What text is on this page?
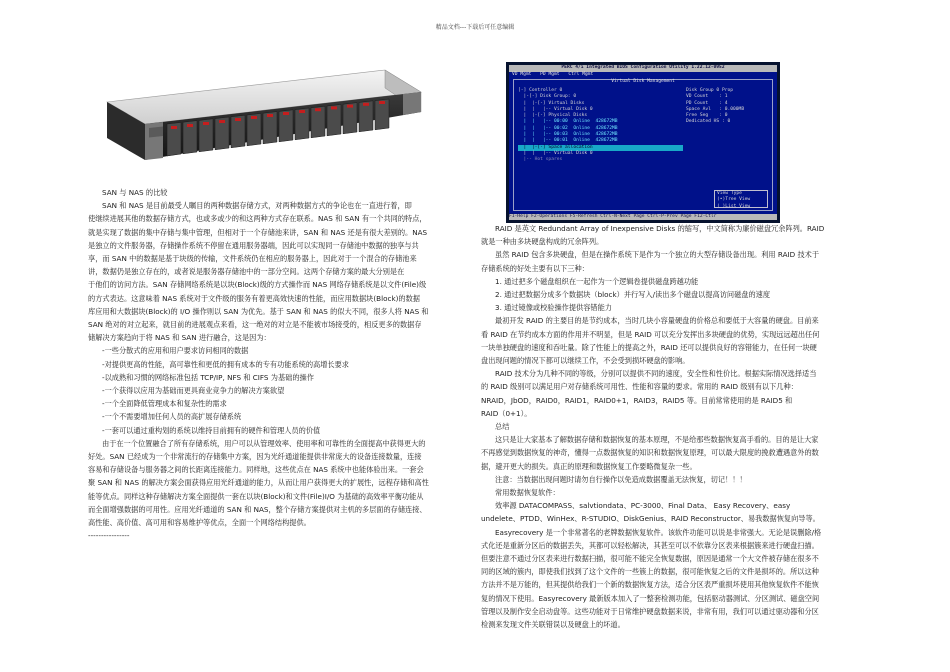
精品文档---下载后可任意编辑
PERC 4/i Integrated BIOS Configuration Utility 1.22.12-0952
VD Mgmt PD Mgmt Ctrl Mgmt
Virtual Disk Management
[-] Controller 0
|-[-] Disk Group: 0
|  |-[-] Virtual Disks
|  |   |-- Virtual Disk 0
|  |-[-] Physical Disks
|  |   |-- 00:00  Online  428672MB
|  |   |-- 00:02  Online  428672MB
|  |   |-- 00:03  Online  428672MB
|  |   |-- 00:01  Online  428672MB
|  |-[-] Space allocation
|  |   |-- Virtual Disk 0
|-- Hot spares
Disk Group 0 Prop
VD Count    : 1
PD Count    : 4
Space Avl   : 0.000MB
Free Seg    : 0
Dedicated HS : 0
View Type
(•)Tree View
( )List View
F1-Help F2-Operations F5-Refresh Ctrl-N-Next Page Ctrl-P-Prev Page F12-Ctlr

SAN 与 NAS 的比较

SAN 和 NAS 是目前最受人瞩目的两种数据存储方式，对两种数据方式的争论也在一直进行着，即

使继续进展其他的数据存储方式，也或多或少的和这两种方式存在联系。NAS 和 SAN 有一个共同的特点，

就是实现了数据的集中存储与集中管理，但相对于一个存储池来讲，SAN 和 NAS 还是有很大差别的。NAS

是独立的文件服务器，存储操作系统不停留在通用服务器端，因此可以实现同一存储池中数据的独享与共

享，而 SAN 中的数据是基于块级的传输，文件系统仍在相应的服务器上，因此对于一个混合的存储池来

讲，数据仍是独立存在的，或者说是服务器存储池中的一部分空间。这两个存储方案的最大分别是在

于他们的访问方法。SAN 存储网络系统是以块(Block)级的方式操作而 NAS 网络存储系统是以文件(File)级

的方式表达。这意味着 NAS 系统对于文件级的服务有着更高效快速的性能，而应用数据块(Block)的数据

库应用和大数据块(Block)的 I/O 操作则以 SAN 为优先。基于 SAN 和 NAS 的似大不同，很多人将 NAS 和

SAN 绝对的对立起来，就目前的进展观点来看，这一绝对的对立是不能被市场接受的，相反更多的数据存

储解决方案趋向于将 NAS 和 SAN 进行融合，这是因为：

-一些分散式的应用和用户要求访问相同的数据

-对提供更高的性能，高可靠性和更低的拥有成本的专有功能系统的高增长要求

-以成熟和习惯的网络标准包括 TCP/IP, NFS 和 CIFS 为基础的操作

-一个获得以应用为基础而更具商业竞争力的解决方案欲望

-一个全面降低管理成本和复杂性的需求

-一个不需要增加任何人员的高扩展存储系统

-一套可以通过重构划的系统以维持目前拥有的硬件和管理人员的价值

由于在一个位置融合了所有存储系统，用户可以从管理效率、使用率和可靠性的全面提高中获得更大的

好处。SAN 已经成为一个非常流行的存储集中方案，因为光纤通道能提供非常庞大的设备连接数量，连接

容易和存储设备与服务器之间的长距离连接能力。同样地，这些优点在 NAS 系统中也能体验出来。一套会

聚 SAN 和 NAS 的解决方案会面获得应用光纤通道的能力，从而让用户获得更大的扩展性，远程存储和高性

能等优点。同样这种存储解决方案全面提供一套在以块(Block)和文件(File)I/O 为基础的高效率平衡功能从

而全面增强数据的可用性。应用光纤通道的 SAN 和 NAS，整个存储方案提供对主机的多层面的存储连接、

高性能、高价值、高可用和容易维护等优点，全面一个网络结构提供。

----------------

RAID 是英文 Redundant Array of Inexpensive Disks 的缩写，中文简称为廉价磁盘冗余阵列。RAID

就是一种由多块硬盘构成的冗余阵列。

虽然 RAID 包含多块硬盘，但是在操作系统下是作为一个独立的大型存储设备出现。利用 RAID 技术于

存储系统的好处主要有以下三种：

1. 通过把多个磁盘组织在一起作为一个逻辑卷提供磁盘跨越功能

2. 通过把数据分成多个数据块（block）并行写入/读出多个磁盘以提高访问磁盘的速度

3. 通过镜像或校验操作提供容错能力

最初开发 RAID 的主要目的是节约成本，当时几块小容量硬盘的价格总和要低于大容量的硬盘。目前来

看 RAID 在节约成本方面的作用并不明显，但是 RAID 可以充分发挥出多块硬盘的优势，实现远远超出任何

一块单独硬盘的速度和吞吐量。除了性能上的提高之外，RAID 还可以提供良好的容错能力，在任何一块硬

盘出现问题的情况下都可以继续工作，不会受到损坏硬盘的影响。

RAID 技术分为几种不同的等级，分别可以提供不同的速度，安全性和性价比。根据实际情况选择适当

的 RAID 级别可以满足用户对存储系统可用性、性能和容量的要求。常用的 RAID 级别有以下几种：

NRAID，JbOD，RAID0，RAID1，RAID0+1，RAID3，RAID5 等。目前常常使用的是 RAID5 和

RAID（0+1）。

总结

这只是让大家基本了解数据存储和数据恢复的基本原理，不是给那些数据恢复高手看的。目的是让大家

不再感觉到数据恢复的神奇，懂得一点数据恢复的知识和数据恢复原理，可以最大限度的挽救遭遇意外的数

据，避开更大的损失。真正的原理和数据恢复工作要略微复杂一些。

注意：当数据出现问题时请勿自行操作以免造成数据覆盖无法恢复，切记！！！

常用数据恢复软件：

效率源 DATACOMPASS、salvtiondata、PC-3000、Final Data、 Easy Recovery、easy

undelete、PTDD、WinHex、R-STUDIO、DiskGenius、RAID Reconstructor、易我数据恢复向导等。

Easyrecovery 是一个非常著名的老牌数据恢复软件。该软件功能可以说是非常强大。无论是误删除/格

式化还是重新分区后的数据丢失，其都可以轻松解决，其甚至可以不依靠分区表来根据簇来进行硬盘扫描。

但要注意不通过分区表来进行数据扫描，很可能不能完全恢复数据，原因是通常一个大文件被存储在很多不

同的区域的簇内，即使我们找到了这个文件的一些簇上的数据，很可能恢复之后的文件是损坏的。所以这种

方法并不是万能的，但其提供给我们一个新的数据恢复方法，适合分区表严重损坏使用其他恢复软件不能恢

复的情况下使用。Easyrecovery 最新版本加入了一整套检测功能，包括驱动器测试、分区测试、磁盘空间

管理以及制作安全启动盘等。这些功能对于日常维护硬盘数据来说，非常有用，我们可以通过驱动器和分区

检测来发现文件关联错误以及硬盘上的坏道。
